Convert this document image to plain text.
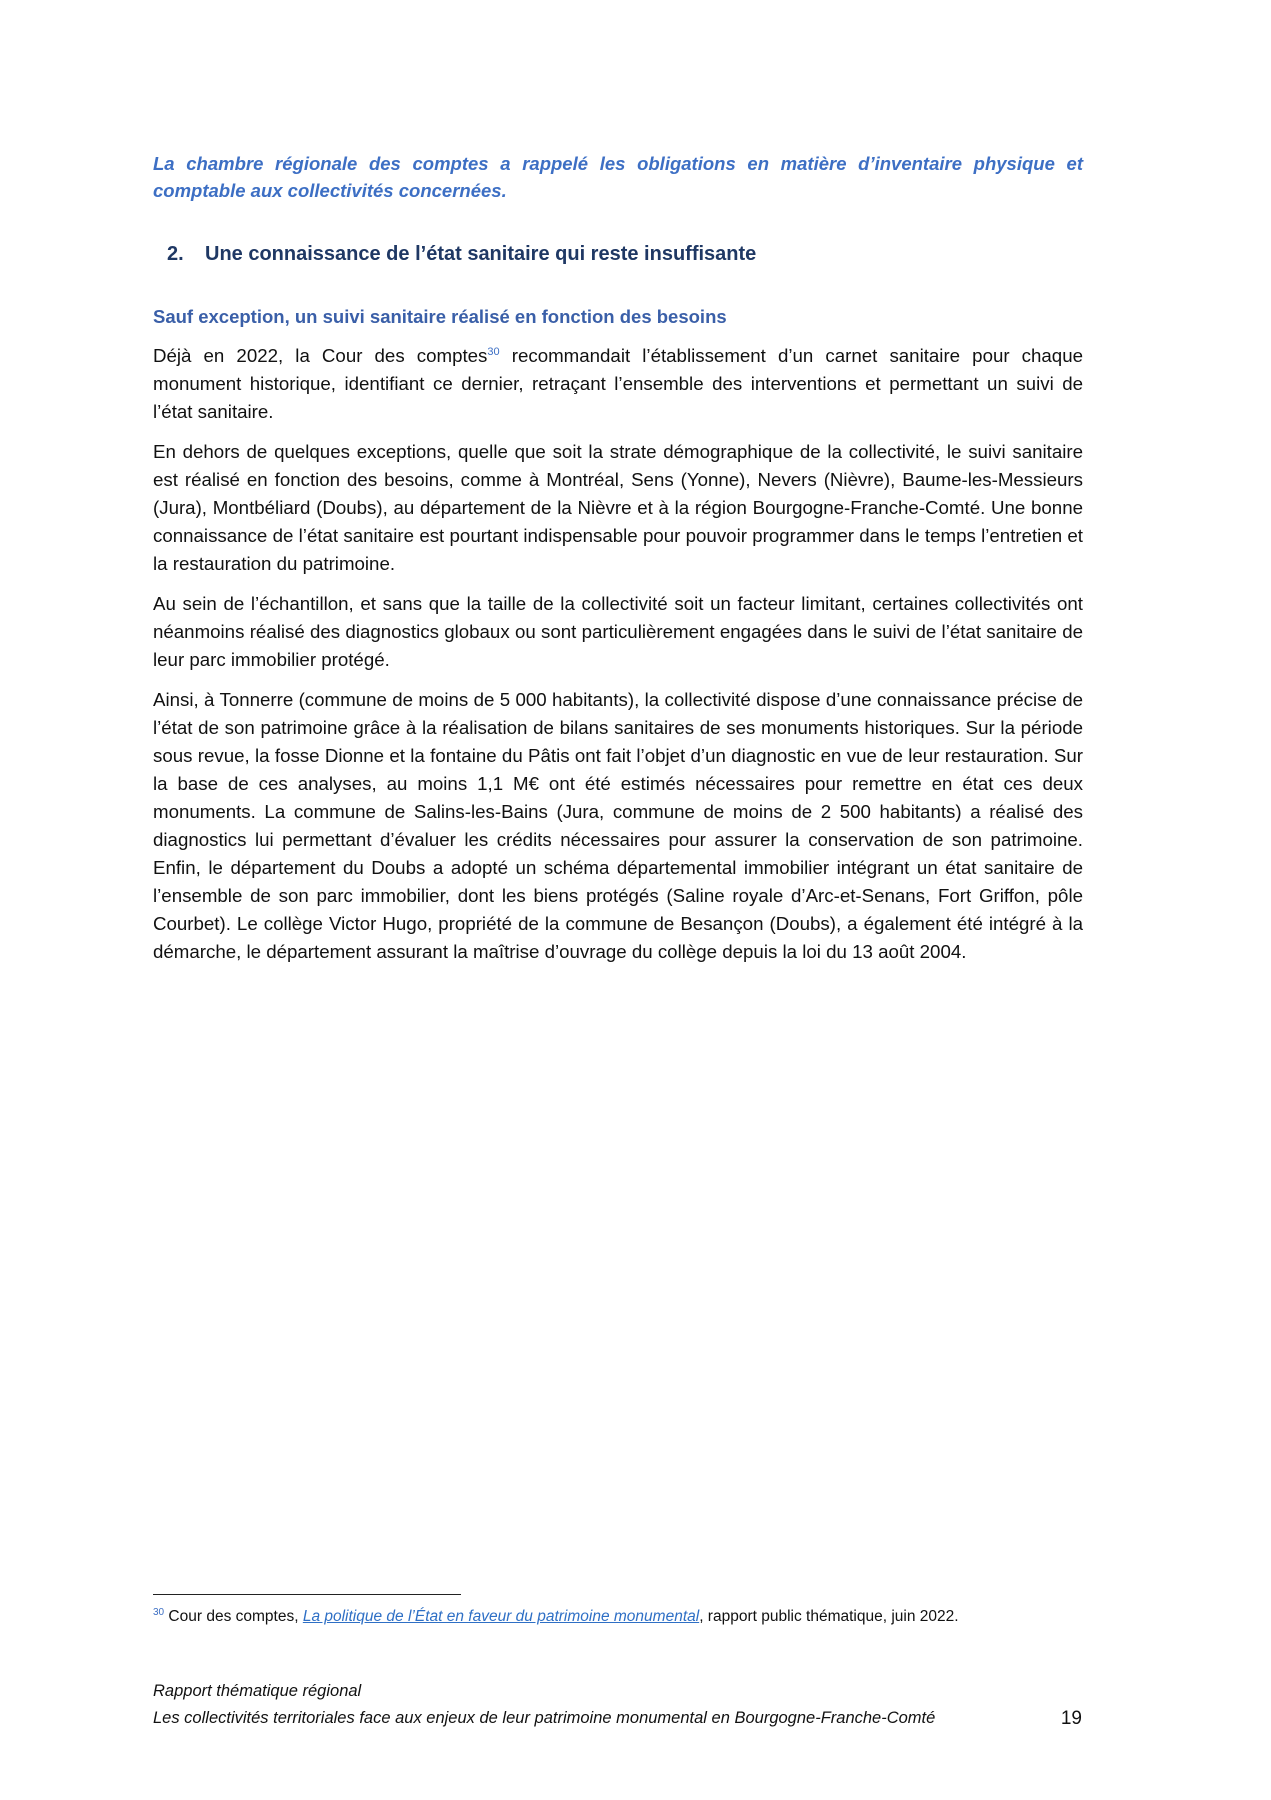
La chambre régionale des comptes a rappelé les obligations en matière d’inventaire physique et comptable aux collectivités concernées.

2.	Une connaissance de l’état sanitaire qui reste insuffisante
Sauf exception, un suivi sanitaire réalisé en fonction des besoins

Déjà en 2022, la Cour des comptes$^{30}$ recommandait l’établissement d’un carnet sanitaire pour chaque monument historique, identifiant ce dernier, retraçant l’ensemble des interventions et permettant un suivi de l’état sanitaire.

En dehors de quelques exceptions, quelle que soit la strate démographique de la collectivité, le suivi sanitaire est réalisé en fonction des besoins, comme à Montréal, Sens (Yonne), Nevers (Nièvre), Baume-les-Messieurs (Jura), Montbéliard (Doubs), au département de la Nièvre et à la région Bourgogne-Franche-Comté. Une bonne connaissance de l’état sanitaire est pourtant indispensable pour pouvoir programmer dans le temps l’entretien et la restauration du patrimoine.

Au sein de l’échantillon, et sans que la taille de la collectivité soit un facteur limitant, certaines collectivités ont néanmoins réalisé des diagnostics globaux ou sont particulièrement engagées dans le suivi de l’état sanitaire de leur parc immobilier protégé.

Ainsi, à Tonnerre (commune de moins de 5 000 habitants), la collectivité dispose d’une connaissance précise de l’état de son patrimoine grâce à la réalisation de bilans sanitaires de ses monuments historiques. Sur la période sous revue, la fosse Dionne et la fontaine du Pâtis ont fait l’objet d’un diagnostic en vue de leur restauration. Sur la base de ces analyses, au moins 1,1 M€ ont été estimés nécessaires pour remettre en état ces deux monuments. La commune de Salins-les-Bains (Jura, commune de moins de 2 500 habitants) a réalisé des diagnostics lui permettant d’évaluer les crédits nécessaires pour assurer la conservation de son patrimoine. Enfin, le département du Doubs a adopté un schéma départemental immobilier intégrant un état sanitaire de l’ensemble de son parc immobilier, dont les biens protégés (Saline royale d’Arc-et-Senans, Fort Griffon, pôle Courbet). Le collège Victor Hugo, propriété de la commune de Besançon (Doubs), a également été intégré à la démarche, le département assurant la maîtrise d’ouvrage du collège depuis la loi du 13 août 2004.

$^{30}$ Cour des comptes, La politique de l’État en faveur du patrimoine monumental, rapport public thématique, juin 2022.
Rapport thématique régional
Les collectivités territoriales face aux enjeux de leur patrimoine monumental en Bourgogne-Franche-Comté	19
